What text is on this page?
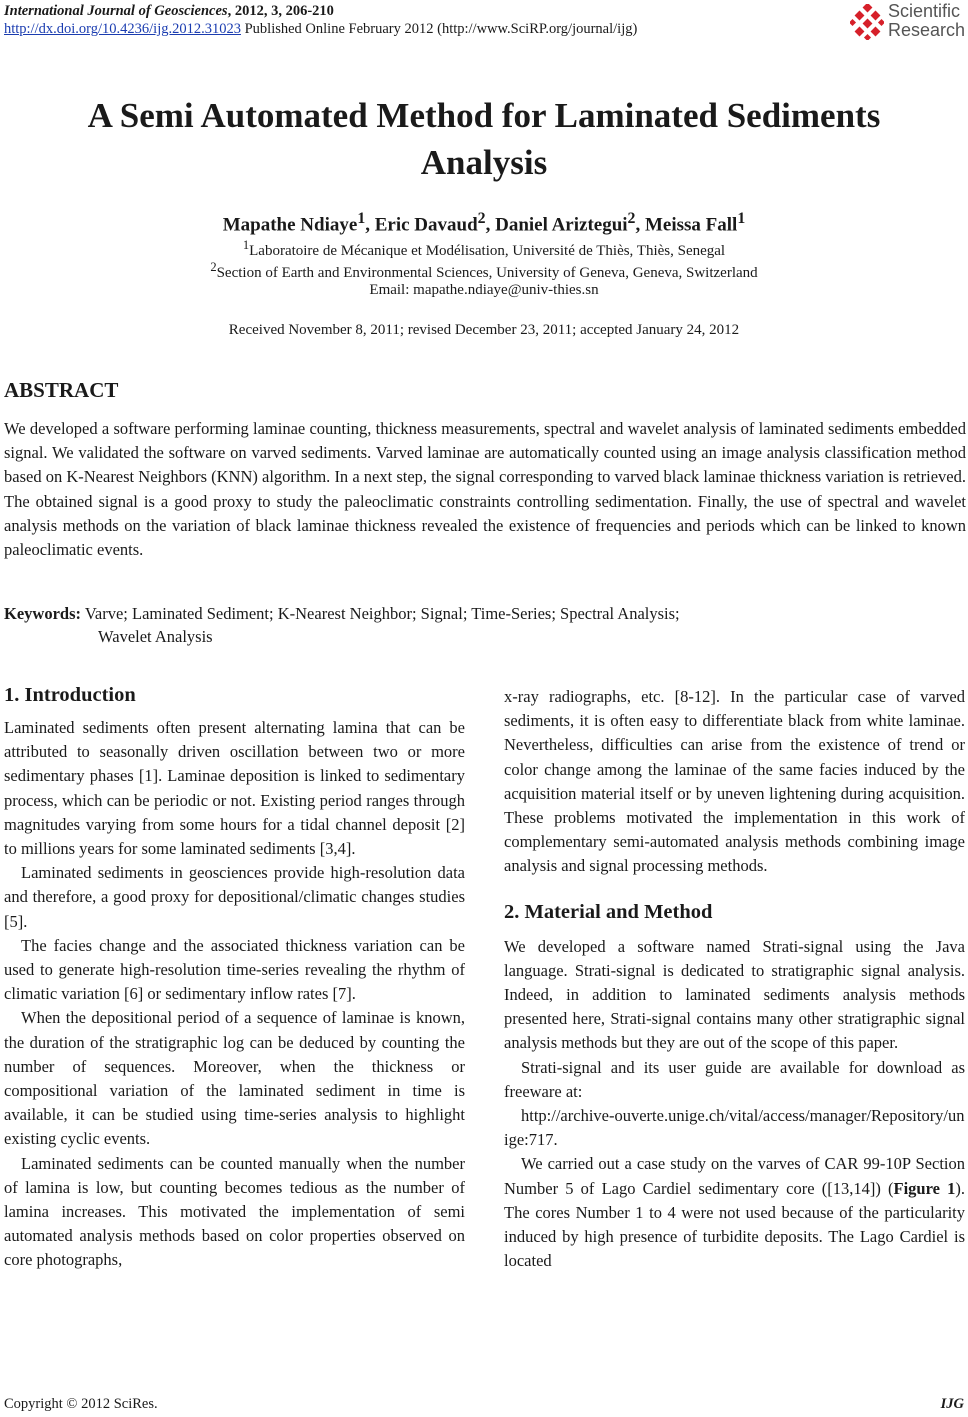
International Journal of Geosciences, 2012, 3, 206-210
http://dx.doi.org/10.4236/ijg.2012.31023 Published Online February 2012 (http://www.SciRP.org/journal/ijg)
Scientific
Research
A Semi Automated Method for Laminated Sediments
Analysis
Mapathe Ndiaye$^1$, Eric Davaud$^2$, Daniel Ariztegui$^2$, Meissa Fall$^1$
$^1$Laboratoire de Mécanique et Modélisation, Université de Thiès, Thiès, Senegal
$^2$Section of Earth and Environmental Sciences, University of Geneva, Geneva, Switzerland
Email: mapathe.ndiaye@univ-thies.sn
Received November 8, 2011; revised December 23, 2011; accepted January 24, 2012
ABSTRACT
We developed a software performing laminae counting, thickness measurements, spectral and wavelet analysis of laminated sediments embedded signal. We validated the software on varved sediments. Varved laminae are automatically counted using an image analysis classification method based on K-Nearest Neighbors (KNN) algorithm. In a next step, the signal corresponding to varved black laminae thickness variation is retrieved. The obtained signal is a good proxy to study the paleoclimatic constraints controlling sedimentation. Finally, the use of spectral and wavelet analysis methods on the variation of black laminae thickness revealed the existence of frequencies and periods which can be linked to known paleoclimatic events.
Keywords: Varve; Laminated Sediment; K-Nearest Neighbor; Signal; Time-Series; Spectral Analysis;
Wavelet Analysis
1. Introduction

Laminated sediments often present alternating lamina that can be attributed to seasonally driven oscillation between two or more sedimentary phases [1]. Laminae deposition is linked to sedimentary process, which can be periodic or not. Existing period ranges through magnitudes varying from some hours for a tidal channel deposit [2] to millions years for some laminated sediments [3,4].

Laminated sediments in geosciences provide high-resolution data and therefore, a good proxy for depositional/climatic changes studies [5].

The facies change and the associated thickness variation can be used to generate high-resolution time-series revealing the rhythm of climatic variation [6] or sedimentary inflow rates [7].

When the depositional period of a sequence of laminae is known, the duration of the stratigraphic log can be deduced by counting the number of sequences. Moreover, when the thickness or compositional variation of the laminated sediment in time is available, it can be studied using time-series analysis to highlight existing cyclic events.

Laminated sediments can be counted manually when the number of lamina is low, but counting becomes tedious as the number of lamina increases. This motivated the implementation of semi automated analysis methods based on color properties observed on core photographs,

x-ray radiographs, etc. [8-12]. In the particular case of varved sediments, it is often easy to differentiate black from white laminae. Nevertheless, difficulties can arise from the existence of trend or color change among the laminae of the same facies induced by the acquisition material itself or by uneven lightening during acquisition. These problems motivated the implementation in this work of complementary semi-automated analysis methods combining image analysis and signal processing methods.

2. Material and Method

We developed a software named Strati-signal using the Java language. Strati-signal is dedicated to stratigraphic signal analysis. Indeed, in addition to laminated sediments analysis methods presented here, Strati-signal contains many other stratigraphic signal analysis methods but they are out of the scope of this paper.

Strati-signal and its user guide are available for download as freeware at:

http://archive-ouverte.unige.ch/vital/access/manager/Repository/unige:717.

We carried out a case study on the varves of CAR 99-10P Section Number 5 of Lago Cardiel sedimentary core ([13,14]) (Figure 1). The cores Number 1 to 4 were not used because of the particularity induced by high presence of turbidite deposits. The Lago Cardiel is located

Copyright © 2012 SciRes.	IJG
